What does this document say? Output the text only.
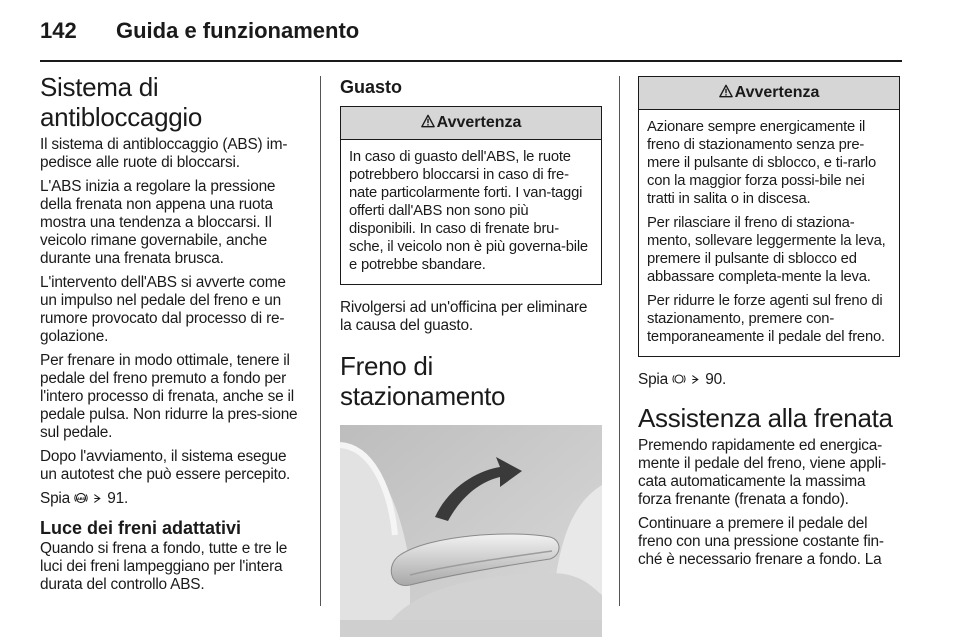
142 Guida e funzionamento
Sistema di antibloccaggio

Il sistema di antibloccaggio (ABS) im-pedisce alle ruote di bloccarsi.

L'ABS inizia a regolare la pressione della frenata non appena una ruota mostra una tendenza a bloccarsi. Il veicolo rimane governabile, anche durante una frenata brusca.

L'intervento dell'ABS si avverte come un impulso nel pedale del freno e un rumore provocato dal processo di re-golazione.

Per frenare in modo ottimale, tenere il pedale del freno premuto a fondo per l'intero processo di frenata, anche se il pedale pulsa. Non ridurre la pres-sione sul pedale.

Dopo l'avviamento, il sistema esegue un autotest che può essere percepito.

Spia ABS 91.

Luce dei freni adattativi

Quando si frena a fondo, tutte e tre le luci dei freni lampeggiano per l'intera durata del controllo ABS.

Guasto
Avvertenza

In caso di guasto dell'ABS, le ruote potrebbero bloccarsi in caso di fre-nate particolarmente forti. I van-taggi offerti dall'ABS non sono più disponibili. In caso di frenate bru-sche, il veicolo non è più governa-bile e potrebbe sbandare.

Rivolgersi ad un'officina per eliminare la causa del guasto.

Freno di stazionamento
Avvertenza

Azionare sempre energicamente il freno di stazionamento senza pre-mere il pulsante di sblocco, e ti-rarlo con la maggior forza possi-bile nei tratti in salita o in discesa.

Per rilasciare il freno di staziona-mento, sollevare leggermente la leva, premere il pulsante di sblocco ed abbassare completa-mente la leva.

Per ridurre le forze agenti sul freno di stazionamento, premere con-temporaneamente il pedale del freno.

Spia 90.

Assistenza alla frenata

Premendo rapidamente ed energica-mente il pedale del freno, viene appli-cata automaticamente la massima forza frenante (frenata a fondo).

Continuare a premere il pedale del freno con una pressione costante fin-ché è necessario frenare a fondo. La
